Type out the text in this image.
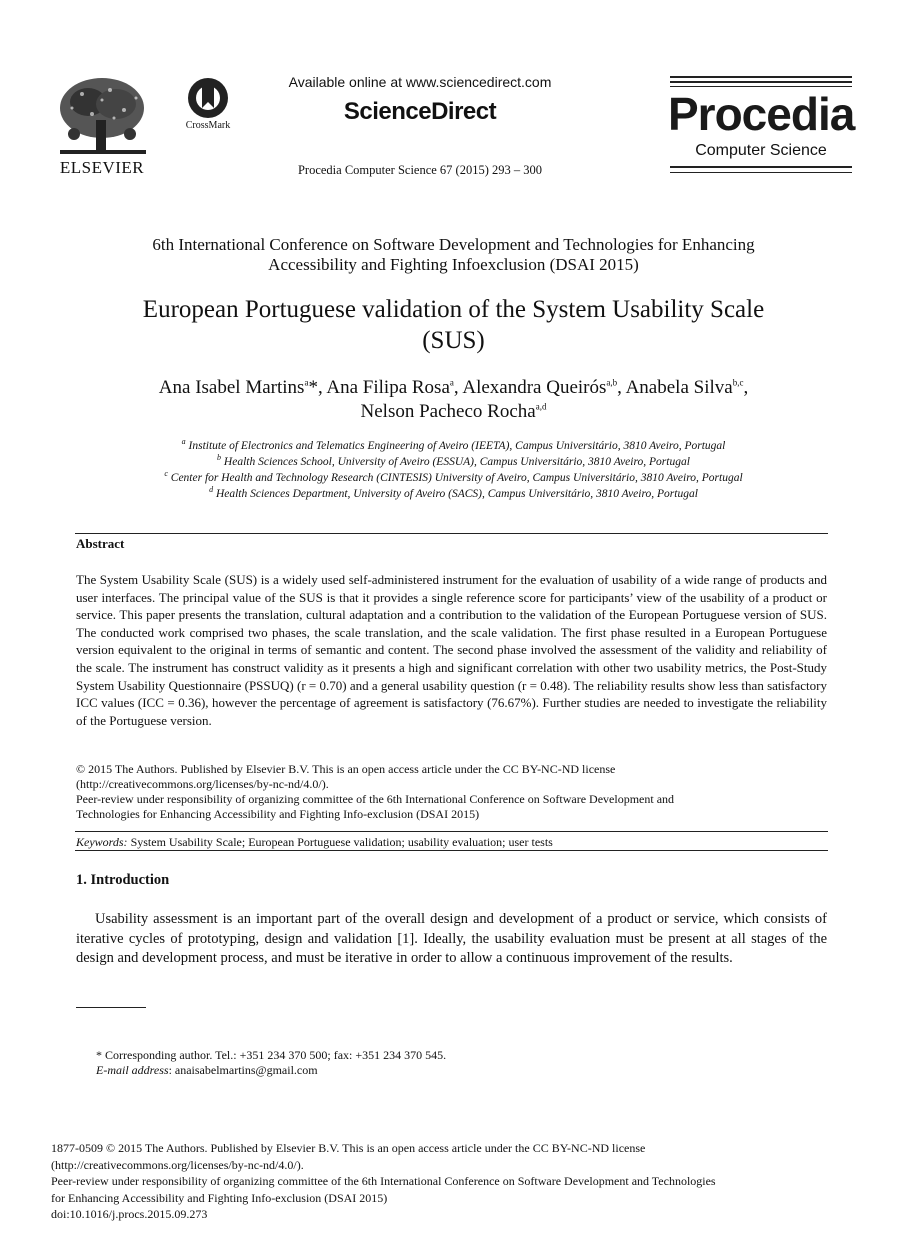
ELSEVIER
CrossMark
Available online at www.sciencedirect.com
ScienceDirect
Procedia Computer Science 67 (2015) 293 – 300
Procedia
Computer Science
6th International Conference on Software Development and Technologies for Enhancing
Accessibility and Fighting Infoexclusion (DSAI 2015)
European Portuguese validation of the System Usability Scale
(SUS)
Ana Isabel Martins$^a$*, Ana Filipa Rosa$^a$, Alexandra Queirós$^{a,b}$, Anabela Silva$^{b,c}$,
Nelson Pacheco Rocha$^{a,d}$
$^a$ Institute of Electronics and Telematics Engineering of Aveiro (IEETA), Campus Universitário, 3810 Aveiro, Portugal
$^b$ Health Sciences School, University of Aveiro (ESSUA), Campus Universitário, 3810 Aveiro, Portugal
$^c$ Center for Health and Technology Research (CINTESIS) University of Aveiro, Campus Universitário, 3810 Aveiro, Portugal
$^d$ Health Sciences Department, University of Aveiro (SACS), Campus Universitário, 3810 Aveiro, Portugal
Abstract
The System Usability Scale (SUS) is a widely used self-administered instrument for the evaluation of usability of a wide range of products and user interfaces. The principal value of the SUS is that it provides a single reference score for participants’ view of the usability of a product or service. This paper presents the translation, cultural adaptation and a contribution to the validation of the European Portuguese version of SUS. The conducted work comprised two phases, the scale translation, and the scale validation. The first phase resulted in a European Portuguese version equivalent to the original in terms of semantic and content. The second phase involved the assessment of the validity and reliability of the scale. The instrument has construct validity as it presents a high and significant correlation with other two usability metrics, the Post-Study System Usability Questionnaire (PSSUQ) (r = 0.70) and a general usability question (r = 0.48). The reliability results show less than satisfactory ICC values (ICC = 0.36), however the percentage of agreement is satisfactory (76.67%). Further studies are needed to investigate the reliability of the Portuguese version.
© 2015 The Authors. Published by Elsevier B.V. This is an open access article under the CC BY-NC-ND license
(http://creativecommons.org/licenses/by-nc-nd/4.0/).
Peer-review under responsibility of organizing committee of the 6th International Conference on Software Development and
Technologies for Enhancing Accessibility and Fighting Info-exclusion (DSAI 2015)
Keywords: System Usability Scale; European Portuguese validation; usability evaluation; user tests
1. Introduction
Usability assessment is an important part of the overall design and development of a product or service, which consists of iterative cycles of prototyping, design and validation [1]. Ideally, the usability evaluation must be present at all stages of the design and development process, and must be iterative in order to allow a continuous improvement of the results.
* Corresponding author. Tel.: +351 234 370 500; fax: +351 234 370 545.
E-mail address: anaisabelmartins@gmail.com
1877-0509 © 2015 The Authors. Published by Elsevier B.V. This is an open access article under the CC BY-NC-ND license
(http://creativecommons.org/licenses/by-nc-nd/4.0/).
Peer-review under responsibility of organizing committee of the 6th International Conference on Software Development and Technologies
for Enhancing Accessibility and Fighting Info-exclusion (DSAI 2015)
doi:10.1016/j.procs.2015.09.273
